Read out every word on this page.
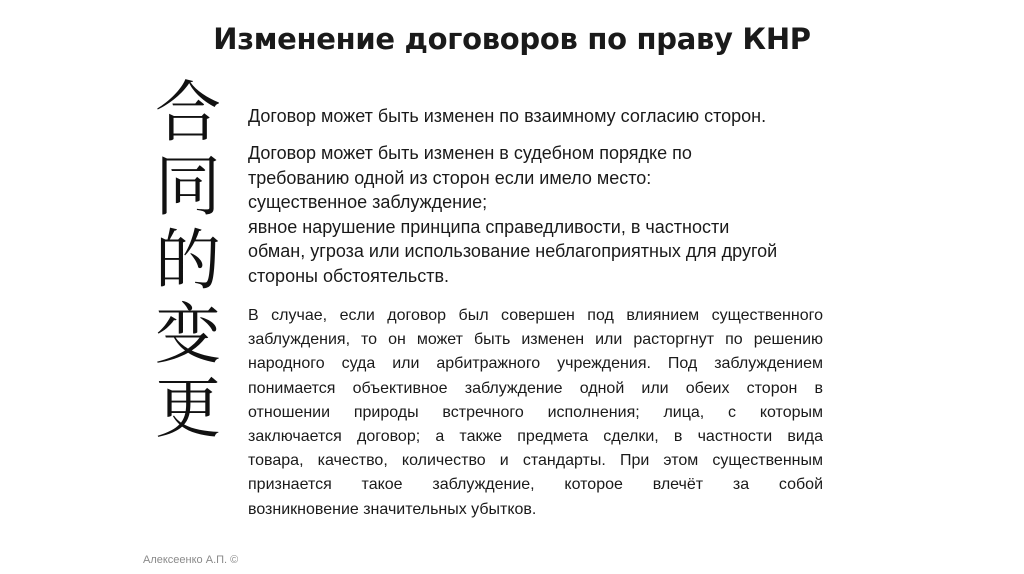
Изменение договоров по праву КНР
合
同
的
变
更
Договор может быть изменен по взаимному согласию сторон.
Договор может быть изменен в судебном порядке по
требованию одной из сторон если имело место:
существенное заблуждение;
явное нарушение принципа справедливости, в частности
обман, угроза или использование неблагоприятных для другой
стороны обстоятельств.
В случае, если договор был совершен под влиянием существенного
заблуждения, то он может быть изменен или расторгнут по решению
народного суда или арбитражного учреждения. Под заблуждением
понимается объективное заблуждение одной или обеих сторон в
отношении природы встречного исполнения; лица, с которым
заключается договор; а также предмета сделки, в частности вида
товара, качество, количество и стандарты. При этом существенным
признается такое заблуждение, которое влечёт за собой
возникновение значительных убытков.
Алексеенко А.П. ©
